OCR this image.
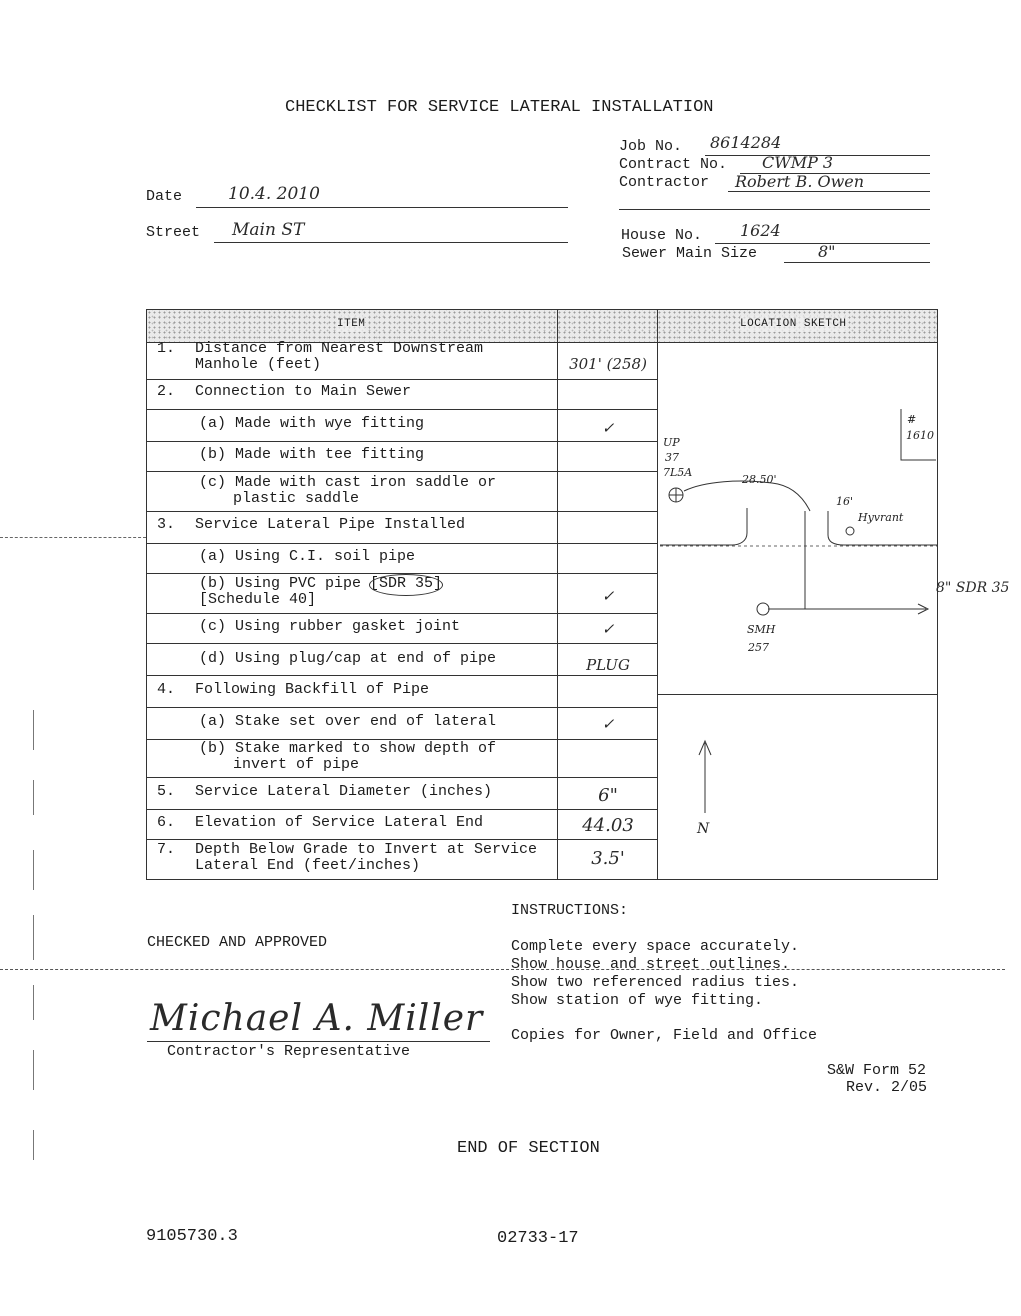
CHECKLIST FOR SERVICE LATERAL INSTALLATION
Job No. 8614284
Contract No. CWMP 3
Contractor Robert B. Owen
Date	10.4. 2010
Street Main ST	House No. 1624
Sewer Main Size	8"
ITEM	LOCATION SKETCH
1. Distance from Nearest Downstream
Manhole (feet)	301' (258)
2. Connection to Main Sewer
(a) Made with wye fitting	✓
(b) Made with tee fitting
(c) Made with cast iron saddle or
plastic saddle
3. Service Lateral Pipe Installed
(a) Using C.I. soil pipe
(b) Using PVC pipe [SDR 35]
[Schedule 40]	✓
(c) Using rubber gasket joint	✓
(d) Using plug/cap at end of pipe	PLUG
4. Following Backfill of Pipe
(a) Stake set over end of lateral	✓
(b) Stake marked to show depth of
invert of pipe
5. Service Lateral Diameter (inches)	6"
6. Elevation of Service Lateral End	44.03
7. Depth Below Grade to Invert at Service
Lateral End (feet/inches)	3.5'
#
1610
UP
37
7L5A
28.50'
16'
Hyvrant
SMH
257
N
8" SDR 35
INSTRUCTIONS:
CHECKED AND APPROVED	Complete every space accurately.
Show house and street outlines.
Show two referenced radius ties.
Show station of wye fitting.
Copies for Owner, Field and Office
Michael A. Miller
Contractor's Representative
S&W Form 52
Rev. 2/05
END OF SECTION
9105730.3	02733-17
